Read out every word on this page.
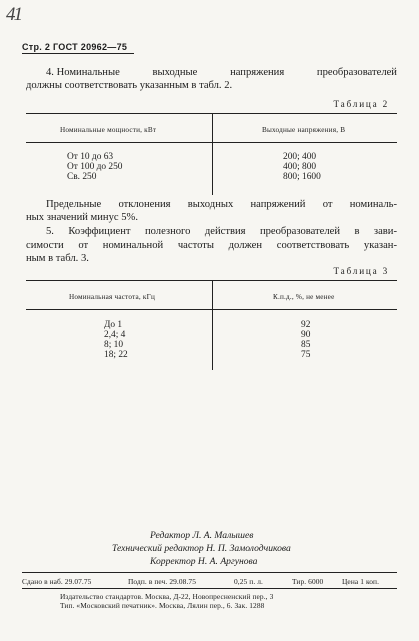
41
Стр. 2 ГОСТ 20962—75
4. Номинальные	выходные	напряжения	преобразователей
должны соответствовать указанным в табл. 2.
Таблица 2
Номинальные мощности, кВт	Выходные напряжения, В
От 10 до 63	200; 400
От 100 до 250	400; 800
Св. 250	800; 1600
Предельные отклонения выходных напряжений от номиналь-
ных значений минус 5%.
5. Коэффициент полезного действия преобразователей в зави-
симости от номинальной частоты должен соответствовать указан-
ным в табл. 3.
Таблица 3
Номинальная частота, кГц	К.п.д., %, не менее
До 1	92
2,4; 4	90
8; 10	85
18; 22	75
Редактор Л. А. Малышев
Технический редактор Н. П. Замолодчикова
Корректор Н. А. Аргунова
Сдано в наб. 29.07.75	Подп. в печ. 29.08.75	0,25 п. л.	Тир. 6000	Цена 1 коп.
Издательство стандартов. Москва, Д-22, Новопресненский пер., 3
Тип. «Московский печатник». Москва, Лялин пер., 6. Зак. 1288
